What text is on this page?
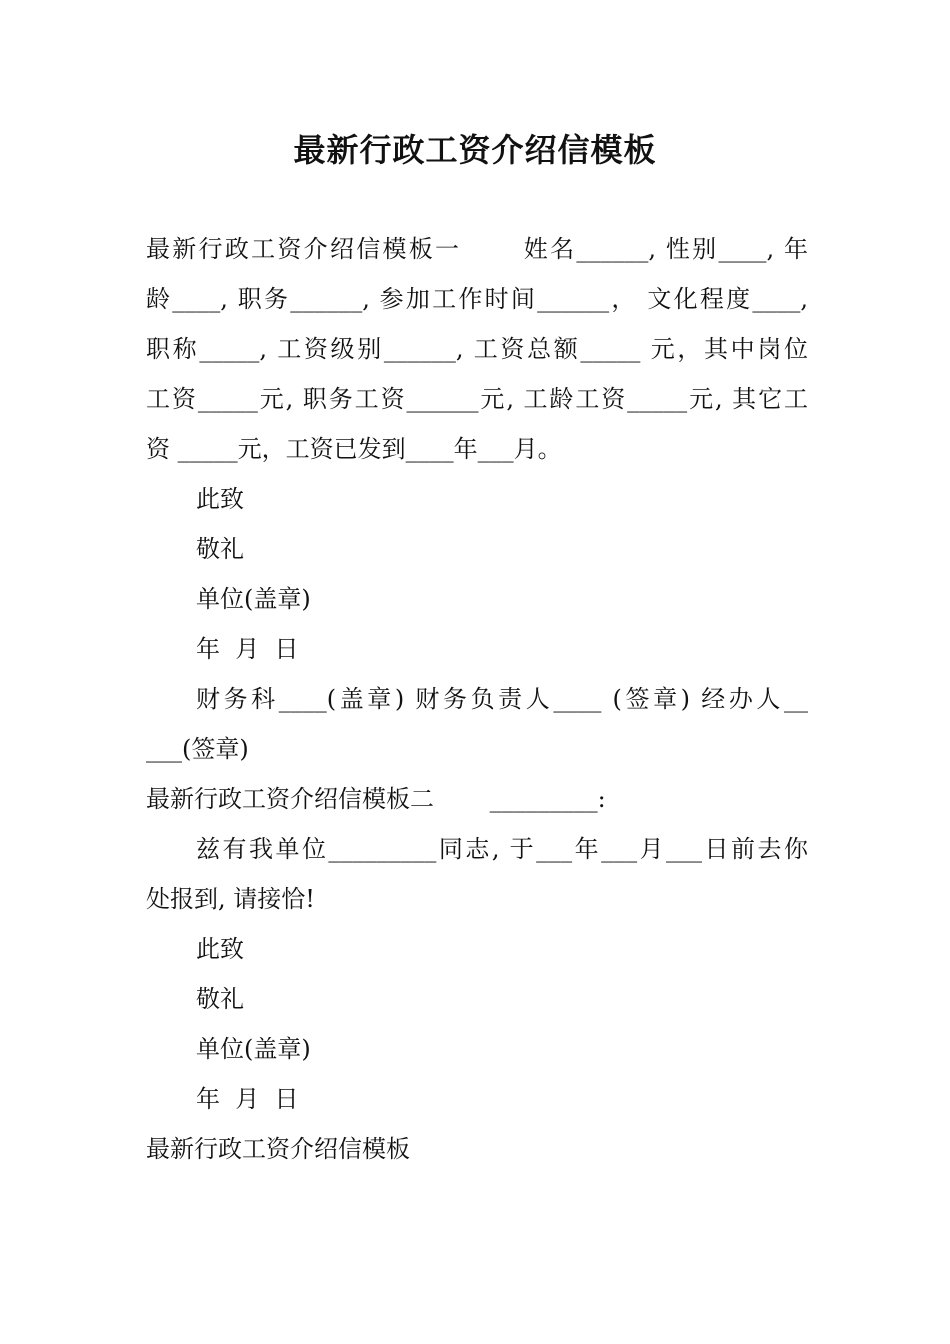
最新行政工资介绍信模板

最新行政工资介绍信模板一　　 姓名______, 性别____, 年

龄____, 职务______, 参加工作时间______， 文化程度____,

职称_____, 工资级别______, 工资总额_____ 元，其中岗位

工资_____元, 职务工资______元, 工龄工资_____元, 其它工

资 _____元，工资已发到____年___月。

此致

敬礼

单位(盖章)

年  月  日

财务科____(盖章) 财务负责人____ (签章) 经办人__

___(签章)

最新行政工资介绍信模板二　　 _________:

兹有我单位_________同志, 于___年___月___日前去你

处报到, 请接恰!

此致

敬礼

单位(盖章)

年  月  日

最新行政工资介绍信模板
